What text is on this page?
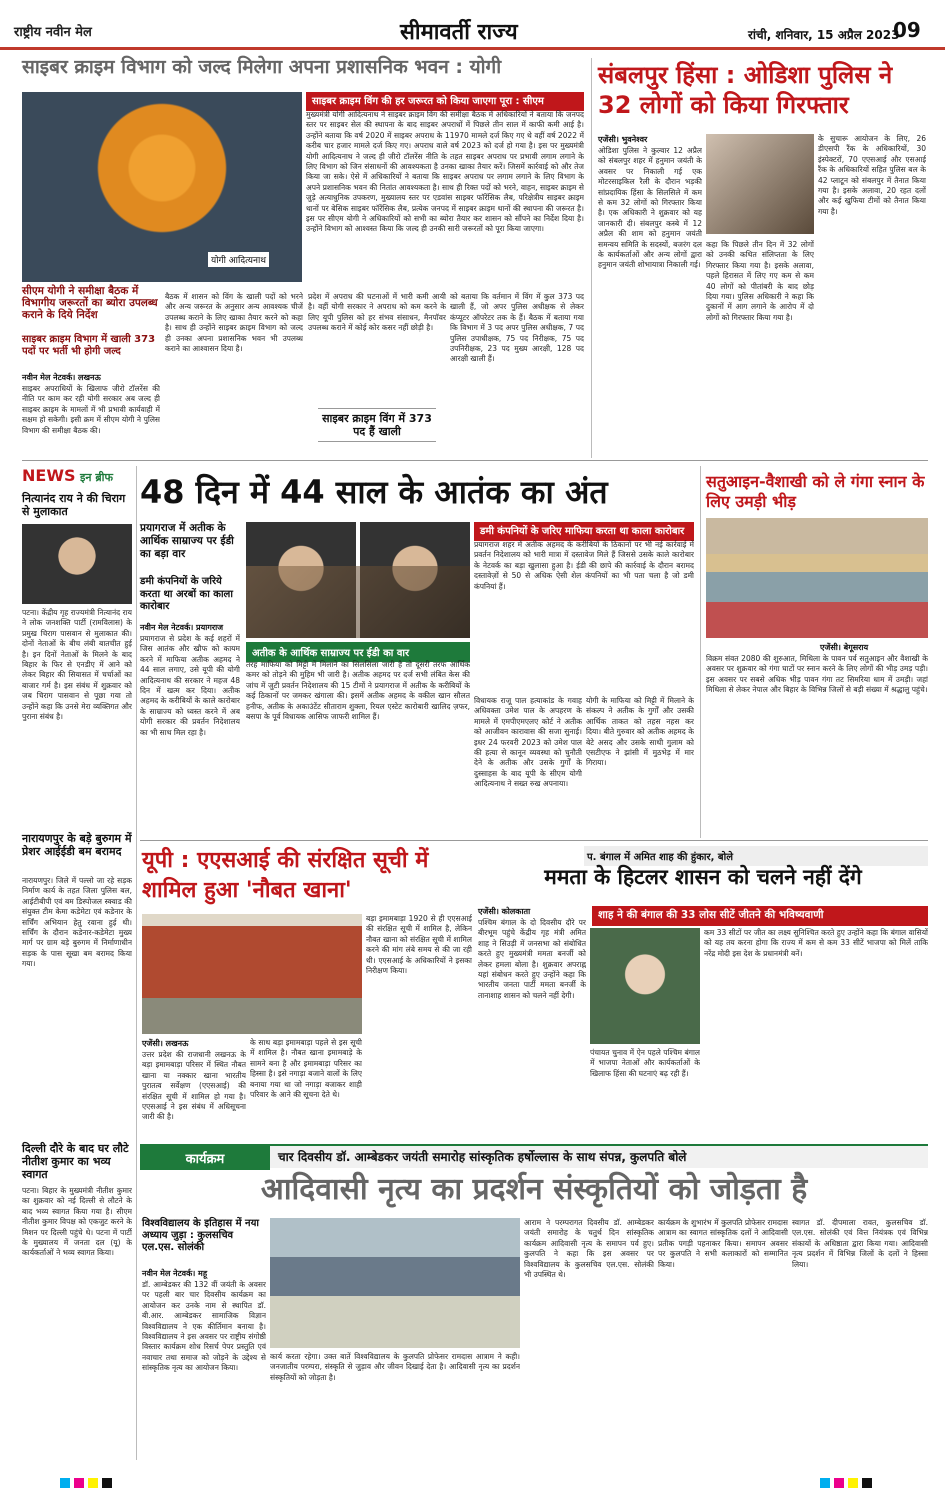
राष्ट्रीय नवीन मेल	सीमावर्ती राज्य	रांची, शनिवार, 15 अप्रैल 2023
09
साइबर क्राइम विभाग को जल्द मिलेगा अपना प्रशासनिक भवन : योगी
योगी आदित्यनाथ
साइबर क्राइम विंग की हर जरूरत को किया जाएगा पूरा : सीएम
मुख्यमंत्री योगी आदित्यनाथ ने साइबर क्राइम विंग की समीक्षा बैठक में अधिकारियों ने बताया कि जनपद स्तर पर साइबर सेल की स्थापना के बाद साइबर अपराधों में पिछले तीन साल में काफी कमी आई है। उन्होंने बताया कि वर्ष 2020 में साइबर अपराध के 11970 मामले दर्ज किए गए थे वहीं वर्ष 2022 में करीब चार हजार मामले दर्ज किए गए। अपराध वाले वर्ष 2023 को दर्ज हो गया है। इस पर मुख्यमंत्री योगी आदित्यनाथ ने जल्द ही जीरो टॉलरेंस नीति के तहत साइबर अपराध पर प्रभावी लगाम लगाने के लिए विभाग को जिन संसाधनों की आवश्यकता है उनका खाका तैयार करें। जिसमें कार्रवाई को और तेज किया जा सके। ऐसे में अधिकारियों ने बताया कि साइबर अपराध पर लगाम लगाने के लिए विभाग के अपने प्रशासनिक भवन की नितांत आवश्यकता है। साथ ही रिक्त पदों को भरने, वाहन, साइबर क्राइम से जुड़े अत्याधुनिक उपकरण, मुख्यालय स्तर पर एडवांस साइबर फॉरेंसिक लैब, परिक्षेत्रीय साइबर क्राइम थानों पर बेसिक साइबर फॉरेंसिक लैब, प्रत्येक जनपद में साइबर क्राइम थानों की स्थापना की जरूरत है। इस पर सीएम योगी ने अधिकारियों को सभी का ब्योरा तैयार कर शासन को सौंपने का निर्देश दिया है। उन्होंने विभाग को आश्वस्त किया कि जल्द ही उनकी सारी जरूरतों को पूरा किया जाएगा।
सीएम योगी ने समीक्षा बैठक में विभागीय जरूरतों का ब्योरा उपलब्ध कराने के दिये निर्देश
साइबर क्राइम विभाग में खाली 373 पदों पर भर्ती भी होगी जल्द
नवीन मेल नेटवर्क। लखनऊ
साइबर अपराधियों के खिलाफ जीरो टॉलरेंस की नीति पर काम कर रही योगी सरकार अब जल्द ही साइबर क्राइम के मामलों में भी प्रभावी कार्यवाही में सक्षम हो सकेगी। इसी क्रम में सीएम योगी ने पुलिस विभाग की समीक्षा बैठक की।
बैठक में शासन को विंग के खाली पदों को भरने और अन्य जरूरत के अनुसार अन्य आवश्यक चीजें उपलब्ध कराने के लिए खाका तैयार करने को कहा है। साथ ही उन्होंने साइबर क्राइम विभाग को जल्द ही उनका अपना प्रशासनिक भवन भी उपलब्ध कराने का आश्वासन दिया है।
प्रदेश में अपराध की घटनाओं में भारी कमी आयी है। वहीं योगी सरकार ने अपराध को कम करने के लिए यूपी पुलिस को हर संभव संसाधन, मैनपॉवर उपलब्ध कराने में कोई कोर कसर नहीं छोड़ी है।
साइबर क्राइम विंग में 373 पद हैं खाली
को बताया कि वर्तमान में विंग में कुल 373 पद खाली हैं, जो अपर पुलिस अधीक्षक से लेकर कंप्यूटर ऑपरेटर तक के हैं। बैठक में बताया गया कि विभाग में 3 पद अपर पुलिस अधीक्षक, 7 पद पुलिस उपाधीक्षक, 75 पद निरीक्षक, 75 पद उपनिरीक्षक, 23 पद मुख्य आरक्षी, 128 पद आरक्षी खाली हैं।
संबलपुर हिंसा : ओडिशा पुलिस ने 32 लोगों को किया गिरफ्तार
एजेंसी। भुवनेश्वर
ओडिशा पुलिस ने कुल्वार 12 अप्रैल को संबलपुर शहर में हनुमान जयंती के अवसर पर निकाली गई एक मोटरसाइकिल रैली के दौरान भड़की सांप्रदायिक हिंसा के सिलसिले में कम से कम 32 लोगों को गिरफ्तार किया है। एक अधिकारी ने शुक्रवार को यह जानकारी दी। संबलपुर कस्बे में 12 अप्रैल की शाम को हनुमान जयंती समन्वय समिति के सदस्यों, बजरंग दल के कार्यकर्ताओं और अन्य लोगों द्वारा हनुमान जयंती शोभायात्रा निकाली गई।
कहा कि पिछले तीन दिन में 32 लोगों को उनकी कथित संलिप्तता के लिए गिरफ्तार किया गया है। इसके अलावा, पहले हिरासत में लिए गए कम से कम 40 लोगों को पीतांबरी के बाद छोड़ दिया गया। पुलिस अधिकारी ने कहा कि दुकानों में आग लगाने के आरोप में दो लोगों को गिरफ्तार किया गया है।
के सुचारू आयोजन के लिए, 26 डीएसपी रैंक के अधिकारियों, 30 इंस्पेक्टरों, 70 एएसआई और एसआई रैंक के अधिकारियों सहित पुलिस बल के 42 प्लाटून को संबलपुर में तैनात किया गया है। इसके अलावा, 20 रहत दलों और कई खुफिया टीमों को तैनात किया गया है।
NEWS इन ब्रीफ
नित्यानंद राय ने की चिराग से मुलाकात
पटना। केंद्रीय गृह राज्यमंत्री नित्यानंद राय ने लोक जनशक्ति पार्टी (रामविलास) के प्रमुख चिराग पासवान से मुलाकात की। दोनों नेताओं के बीच लंबी बातचीत हुई है। इन दिनों नेताओं के मिलने के बाद बिहार के फिर से एनडीए में आने को लेकर बिहार की सियासत में चर्चाओं का बाजार गर्म है। इस संबंध में शुक्रवार को जब चिराग पासवान से पूछा गया तो उन्होंने कहा कि उनसे मेरा व्यक्तिगत और पुराना संबंध है।
नारायणपुर के बड़े बुरुगम में प्रेशर आईईडी बम बरामद
नारायणपुर। जिले में पल्लो जा रहे सड़क निर्माण कार्य के तहत जिला पुलिस बल, आईटीबीपी एवं बम डिस्पोजल स्क्वाड की संयुक्त टीम केमा कडेमेटा एवं कडेनार के सर्चिंग अभियान हेतु रवाना हुई थी। सर्चिंग के दौरान कडेनार-कडेमेटा मुख्य मार्ग पर ग्राम बड़े बुरुगम में निर्माणाधीन सड़क के पास सूखा बम बरामद किया गया।
दिल्ली दौरे के बाद घर लौटे नीतीश कुमार का भव्य स्वागत
पटना। बिहार के मुख्यमंत्री नीतीश कुमार का शुक्रवार को नई दिल्ली से लौटने के बाद भव्य स्वागत किया गया है। सीएम नीतीश कुमार विपक्ष को एकजुट करने के मिशन पर दिल्ली पहुंचे थे। पटना में पार्टी के मुख्यालय में जनता दल (यू) के कार्यकर्ताओं ने भव्य स्वागत किया।
48 दिन में 44 साल के आतंक का अंत
प्रयागराज में अतीक के आर्थिक साम्राज्य पर ईडी का बड़ा वार
डमी कंपनियों के जरिये करता था अरबों का काला कारोबार
नवीन मेल नेटवर्क। प्रयागराज
प्रयागराज से प्रदेश के कई शहरों में जिस आतंक और खौफ को कायम करने में माफिया अतीक अहमद ने 44 साल लगाए, उसे यूपी की योगी आदित्यनाथ की सरकार ने महज 48 दिन में खत्म कर दिया। अतीक अहमद के करीबियों के काले कारोबार के साम्राज्य को ध्वस्त करने में अब योगी सरकार की प्रवर्तन निदेशालय का भी साथ मिल रहा है।
अतीक के आर्थिक साम्राज्य पर ईडी का वार
तरह माफिया को मिट्टी में मिलाने का सिलसिला जारी है तो दूसरी तरफ आर्थिक कमर को तोड़ने की मुहिम भी जारी है। अतीक अहमद पर दर्ज सभी लंबित केस की जांच में जुटी प्रवर्तन निदेशालय की 15 टीमों ने प्रयागराज में अतीक के करीबियों के कई ठिकानों पर जमकर खंगाला की। इसमें अतीक अहमद के वकील खान सौलत हनीफ, अतीक के अकाउंटेंट सीताराम शुक्ला, रियल एस्टेट कारोबारी खालिद ज़फर, बसपा के पूर्व विधायक आसिफ जाफरी शामिल हैं।
डमी कंपनियों के जरिए माफिया करता था काला कारोबार
प्रयागराज शहर में अतीक अहमद के करीबियों के ठिकानों पर भी नई कार्रवाई में प्रवर्तन निदेशालय को भारी मात्रा में दस्तावेज मिले हैं जिससे उसके काले कारोबार के नेटवर्क का बड़ा खुलासा हुआ है। ईडी की छापे की कार्रवाई के दौरान बरामद दस्तावेज़ों से 50 से अधिक ऐसी शेल कंपनियों का भी पता चला है जो डमी कंपनियां हैं।
विधायक राजू पाल हत्याकांड के गवाह अधिवक्ता उमेश पाल के अपहरण के मामले में एमपीएमएलए कोर्ट ने अतीक को आजीवन कारावास की सजा सुनाई। इधर 24 फरवरी 2023 को उमेश पाल की हत्या से कानून व्यवस्था को चुनौती देने के अतीक और उसके गुर्गों के दुस्साहस के बाद यूपी के सीएम योगी आदित्यनाथ ने सख्त रुख अपनाया।
योगी के माफिया को मिट्टी में मिलाने के संकल्प ने अतीक के गुर्गों और उसकी आर्थिक ताकत को तहस नहस कर दिया। बीते गुरुवार को अतीक अहमद के बेटे असद और उसके साथी गुलाम को एसटीएफ ने झांसी में मुठभेड़ में मार गिराया।
सतुआइन-वैशाखी को ले गंगा स्नान के लिए उमड़ी भीड़
एजेंसी। बेगूसराय
विक्रम संवत 2080 की शुरुआत, मिथिला के पावन पर्व सतुआइन और वैशाखी के अवसर पर शुक्रवार को गंगा घाटों पर स्नान करने के लिए लोगों की भीड़ उमड़ पड़ी। इस अवसर पर सबसे अधिक भीड़ पावन गंगा तट सिमरिया धाम में उमड़ी। जहां मिथिला से लेकर नेपाल और बिहार के विभिन्न जिलों से बड़ी संख्या में श्रद्धालु पहुंचे।
यूपी : एएसआई की संरक्षित सूची में शामिल हुआ 'नौबत खाना'
एजेंसी। लखनऊ
उत्तर प्रदेश की राजधानी लखनऊ के बड़ा इमामबाड़ा परिसर में स्थित नौबत खाना या नक्कार खाना भारतीय पुरातत्व सर्वेक्षण (एएसआई) की संरक्षित सूची में शामिल हो गया है। एएसआई ने इस संबंध में अधिसूचना जारी की है।
के साथ बड़ा इमामबाड़ा पहले से इस सूची में शामिल है। नौबत खाना इमामबाड़े के सामने बना है और इमामबाड़ा परिसर का हिस्सा है। इसे नगाड़ा बजाने वालों के लिए बनाया गया था जो नगाड़ा बजाकर शाही परिवार के आने की सूचना देते थे।
बड़ा इमामबाड़ा 1920 से ही एएसआई की संरक्षित सूची में शामिल है, लेकिन नौबत खाना को संरक्षित सूची में शामिल करने की मांग लंबे समय से की जा रही थी। एएसआई के अधिकारियों ने इसका निरीक्षण किया।
प. बंगाल में अमित शाह की हुंकार, बोले
ममता के हिटलर शासन को चलने नहीं देंगे
शाह ने की बंगाल की 33 लोस सीटें जीतने की भविष्यवाणी
एजेंसी। कोलकाता
पश्चिम बंगाल के दो दिवसीय दौरे पर बीरभूम पहुंचे केंद्रीय गृह मंत्री अमित शाह ने सिउड़ी में जनसभा को संबोधित करते हुए मुख्यमंत्री ममता बनर्जी को लेकर हमला बोला है। शुक्रवार अपराह्न यहां संबोधन करते हुए उन्होंने कहा कि भारतीय जनता पार्टी ममता बनर्जी के तानाशाह शासन को चलने नहीं देगी।
पंचायत चुनाव में ऐन पहले पश्चिम बंगाल में भाजपा नेताओं और कार्यकर्ताओं के खिलाफ हिंसा की घटनाएं बढ़ रही हैं।
कम 33 सीटों पर जीत का लक्ष्य सुनिश्चित करते हुए उन्होंने कहा कि बंगाल वासियों को यह तय करना होगा कि राज्य में कम से कम 33 सीटें भाजपा को मिलें ताकि नरेंद्र मोदी इस देश के प्रधानमंत्री बनें।
कार्यक्रम	चार दिवसीय डॉ. आम्बेडकर जयंती समारोह सांस्कृतिक हर्षोल्लास के साथ संपन्न, कुलपति बोले
आदिवासी नृत्य का प्रदर्शन संस्कृतियों को जोड़ता है
विश्वविद्यालय के इतिहास में नया अध्याय जुड़ा : कुलसचिव एल.एस. सोलंकी
नवीन मेल नेटवर्क। महू
डॉ. आम्बेडकर की 132 वीं जयंती के अवसर पर पहली बार चार दिवसीय कार्यक्रम का आयोजन कर उनके नाम से स्थापित डॉ. बी.आर. आम्बेडकर सामाजिक विज्ञान विश्वविद्यालय ने एक कीर्तिमान बनाया है। विश्वविद्यालय ने इस अवसर पर राष्ट्रीय संगोष्ठी विस्तार कार्यक्रम शोध रिसर्च पेपर प्रस्तुति एवं नवाचार तथा समाज को जोड़ने के उद्देश्य से सांस्कृतिक नृत्य का आयोजन किया।
कार्य करता रहेगा। उक्त बातें विश्वविद्यालय के कुलपति प्रोफेसर रामदास आत्राम ने कही। जनजातीय परम्परा, संस्कृति से जुड़ाव और जीवन दिखाई देता है। आदिवासी नृत्य का प्रदर्शन संस्कृतियों को जोड़ता है।
आराम ने परम्परागत दिवसीय डॉ. आम्बेडकर जयंती समारोह के चतुर्थ दिन सांस्कृतिक कार्यक्रम आदिवासी नृत्य के समापन पर्व हुए। कुलपति ने कहा कि इस अवसर पर विश्वविद्यालय के कुलसचिव एल.एस. सोलंकी भी उपस्थित थे।
कार्यक्रम के शुभारंभ में कुलपति प्रोफेसर रामदास आत्राम का स्वागत सांस्कृतिक दलों ने आदिवासी प्रतीक पगड़ी पहनाकर किया। समापन अवसर पर कुलपति ने सभी कलाकारों को सम्मानित किया।
स्वागत डॉ. दीपमाला रावत, कुलसचिव डॉ. एल.एस. सोलंकी एवं वित्त नियंत्रक एवं विभिन्न संकायों के अधिष्ठाता द्वारा किया गया। आदिवासी नृत्य प्रदर्शन में विभिन्न जिलों के दलों ने हिस्सा लिया।
